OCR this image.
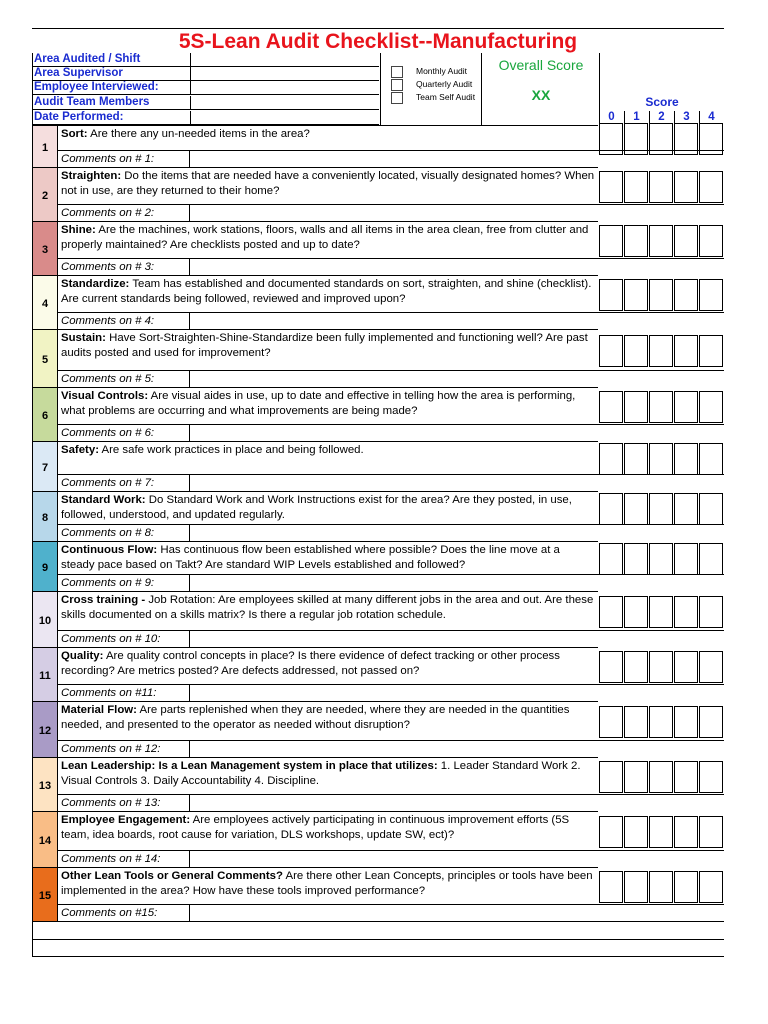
5S-Lean Audit Checklist--Manufacturing
Area Audited / Shift
Area Supervisor
Employee Interviewed:
Audit Team Members
Date Performed:
Monthly Audit
Quarterly Audit
Team Self Audit
Overall Score
XX	Score
0	1	2	3	4
1
Sort: Are there any un-needed items in the area?
Comments on # 1:
2
Straighten: Do the items that are needed have a conveniently located, visually designated homes? When not in use, are they returned to their home?
Comments on # 2:
3
Shine: Are the machines, work stations, floors, walls and all items in the area clean, free from clutter and properly maintained? Are checklists posted and up to date?
Comments on # 3:
4
Standardize: Team has established and documented standards on sort, straighten, and shine (checklist). Are current standards being followed, reviewed and improved upon?
Comments on # 4:
5
Sustain: Have Sort-Straighten-Shine-Standardize been fully implemented and functioning well? Are past audits posted and used for improvement?
Comments on # 5:
6
Visual Controls: Are visual aides in use, up to date and effective in telling how the area is performing, what problems are occurring and what improvements are being made?
Comments on # 6:
7
Safety: Are safe work practices in place and being followed.
Comments on # 7:
8
Standard Work: Do Standard Work and Work Instructions exist for the area? Are they posted, in use, followed, understood, and updated regularly.
Comments on # 8:
9
Continuous Flow: Has continuous flow been established where possible? Does the line move at a steady pace based on Takt? Are standard WIP Levels established and followed?
Comments on # 9:
10
Cross training - Job Rotation: Are employees skilled at many different jobs in the area and out. Are these skills documented on a skills matrix? Is there a regular job rotation schedule.
Comments on # 10:
11
Quality: Are quality control concepts in place? Is there evidence of defect tracking or other process recording? Are metrics posted? Are defects addressed, not passed on?
Comments on #11:
12
Material Flow: Are parts replenished when they are needed, where they are needed in the quantities needed, and presented to the operator as needed without disruption?
Comments on # 12:
13
Lean Leadership: Is a Lean Management system in place that utilizes: 1. Leader Standard Work 2. Visual Controls 3. Daily Accountability 4. Discipline.
Comments on # 13:
14
Employee Engagement: Are employees actively participating in continuous improvement efforts (5S team, idea boards, root cause for variation, DLS workshops, update SW, ect)?
Comments on # 14:
15
Other Lean Tools or General Comments? Are there other Lean Concepts, principles or tools have been implemented in the area? How have these tools improved performance?
Comments on #15:
